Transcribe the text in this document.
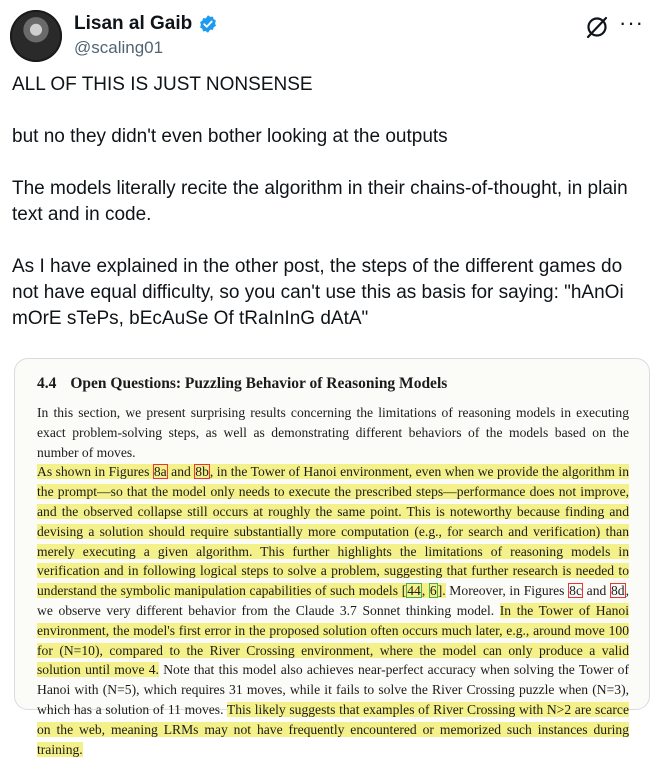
Lisan al Gaib
@scaling01
···

ALL OF THIS IS JUST NONSENSE

but no they didn't even bother looking at the outputs

The models literally recite the algorithm in their chains-of-thought, in plain text and in code.

As I have explained in the other post, the steps of the different games do not have equal difficulty, so you can't use this as basis for saying: "hAnOi mOrE sTePs, bEcAuSe Of tRaInInG dAtA"

4.4 Open Questions: Puzzling Behavior of Reasoning Models
In this section, we present surprising results concerning the limitations of reasoning models in executing exact problem-solving steps, as well as demonstrating different behaviors of the models based on the number of moves.
As shown in Figures 8a and 8b, in the Tower of Hanoi environment, even when we provide the algorithm in the prompt—so that the model only needs to execute the prescribed steps—performance does not improve, and the observed collapse still occurs at roughly the same point. This is noteworthy because finding and devising a solution should require substantially more computation (e.g., for search and verification) than merely executing a given algorithm. This further highlights the limitations of reasoning models in verification and in following logical steps to solve a problem, suggesting that further research is needed to understand the symbolic manipulation capabilities of such models [44, 6]. Moreover, in Figures 8c and 8d, we observe very different behavior from the Claude 3.7 Sonnet thinking model. In the Tower of Hanoi environment, the model's first error in the proposed solution often occurs much later, e.g., around move 100 for (N=10), compared to the River Crossing environment, where the model can only produce a valid solution until move 4. Note that this model also achieves near-perfect accuracy when solving the Tower of Hanoi with (N=5), which requires 31 moves, while it fails to solve the River Crossing puzzle when (N=3), which has a solution of 11 moves. This likely suggests that examples of River Crossing with N>2 are scarce on the web, meaning LRMs may not have frequently encountered or memorized such instances during training.
